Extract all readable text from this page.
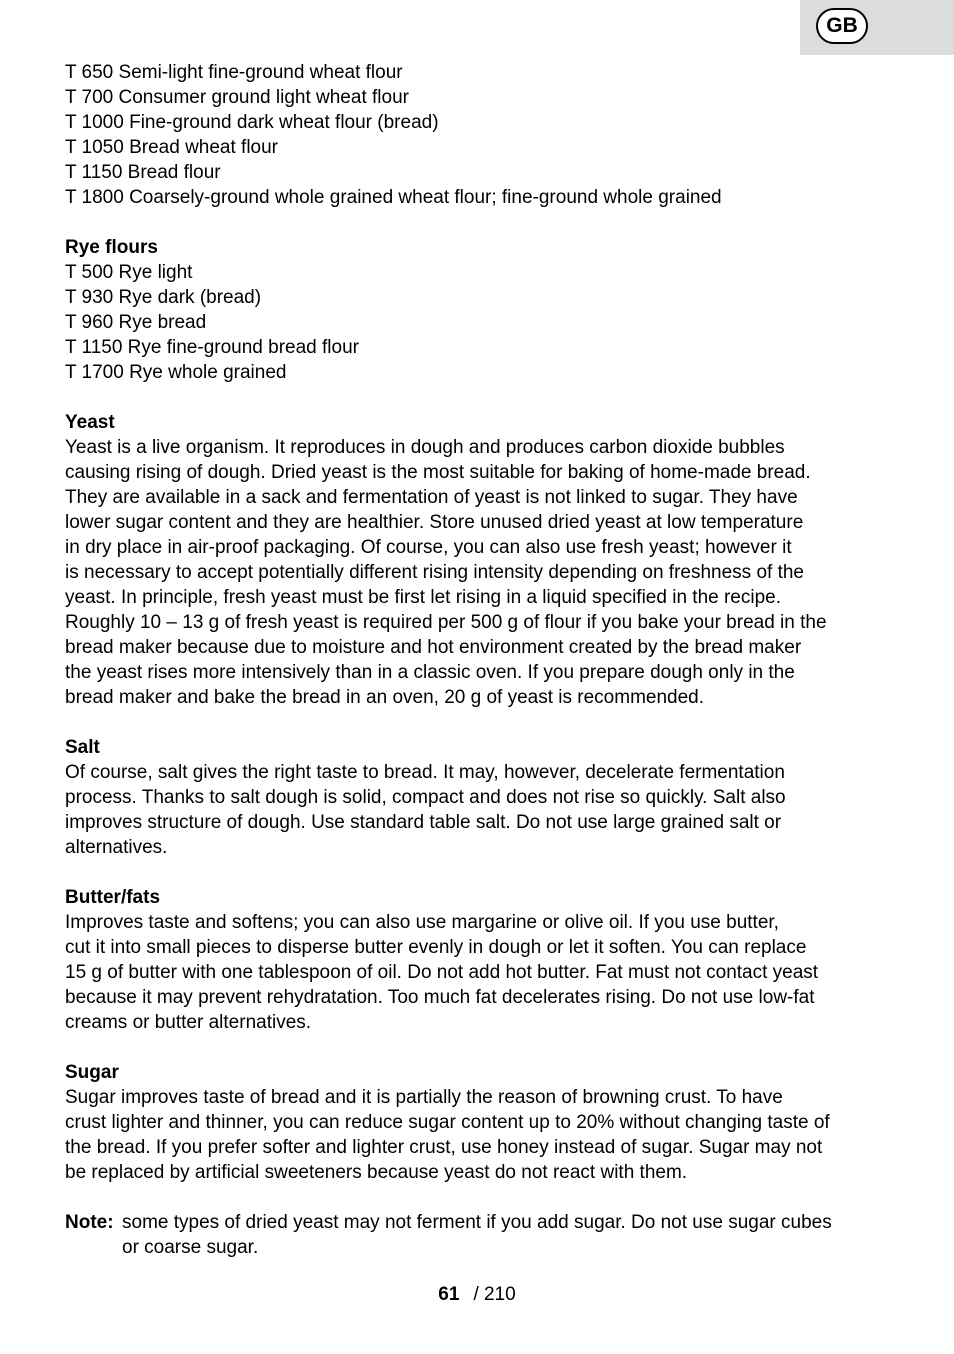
GB
T 650 Semi-light fine-ground wheat flour
T 700 Consumer ground light wheat flour
T 1000 Fine-ground dark wheat flour (bread)
T 1050 Bread wheat flour
T 1150 Bread flour
T 1800 Coarsely-ground whole grained wheat flour; fine-ground whole grained
Rye flours
T 500 Rye light
T 930 Rye dark (bread)
T 960 Rye bread
T 1150 Rye fine-ground bread flour
T 1700 Rye whole grained
Yeast
Yeast is a live organism. It reproduces in dough and produces carbon dioxide bubbles
causing rising of dough. Dried yeast is the most suitable for baking of home-made bread.
They are available in a sack and fermentation of yeast is not linked to sugar. They have
lower sugar content and they are healthier. Store unused dried yeast at low temperature
in dry place in air-proof packaging. Of course, you can also use fresh yeast; however it
is necessary to accept potentially different rising intensity depending on freshness of the
yeast. In principle, fresh yeast must be first let rising in a liquid specified in the recipe.
Roughly 10 – 13 g of fresh yeast is required per 500 g of flour if you bake your bread in the
bread maker because due to moisture and hot environment created by the bread maker
the yeast rises more intensively than in a classic oven. If you prepare dough only in the
bread maker and bake the bread in an oven, 20 g of yeast is recommended.
Salt
Of course, salt gives the right taste to bread. It may, however, decelerate fermentation
process. Thanks to salt dough is solid, compact and does not rise so quickly. Salt also
improves structure of dough. Use standard table salt. Do not use large grained salt or
alternatives.
Butter/fats
Improves taste and softens; you can also use margarine or olive oil. If you use butter,
cut it into small pieces to disperse butter evenly in dough or let it soften. You can replace
15 g of butter with one tablespoon of oil. Do not add hot butter. Fat must not contact yeast
because it may prevent rehydratation. Too much fat decelerates rising. Do not use low-fat
creams or butter alternatives.
Sugar
Sugar improves taste of bread and it is partially the reason of browning crust. To have
crust lighter and thinner, you can reduce sugar content up to 20% without changing taste of
the bread. If you prefer softer and lighter crust, use honey instead of sugar. Sugar may not
be replaced by artificial sweeteners because yeast do not react with them.
Note: some types of dried yeast may not ferment if you add sugar. Do not use sugar cubes
or coarse sugar.
61 / 210
